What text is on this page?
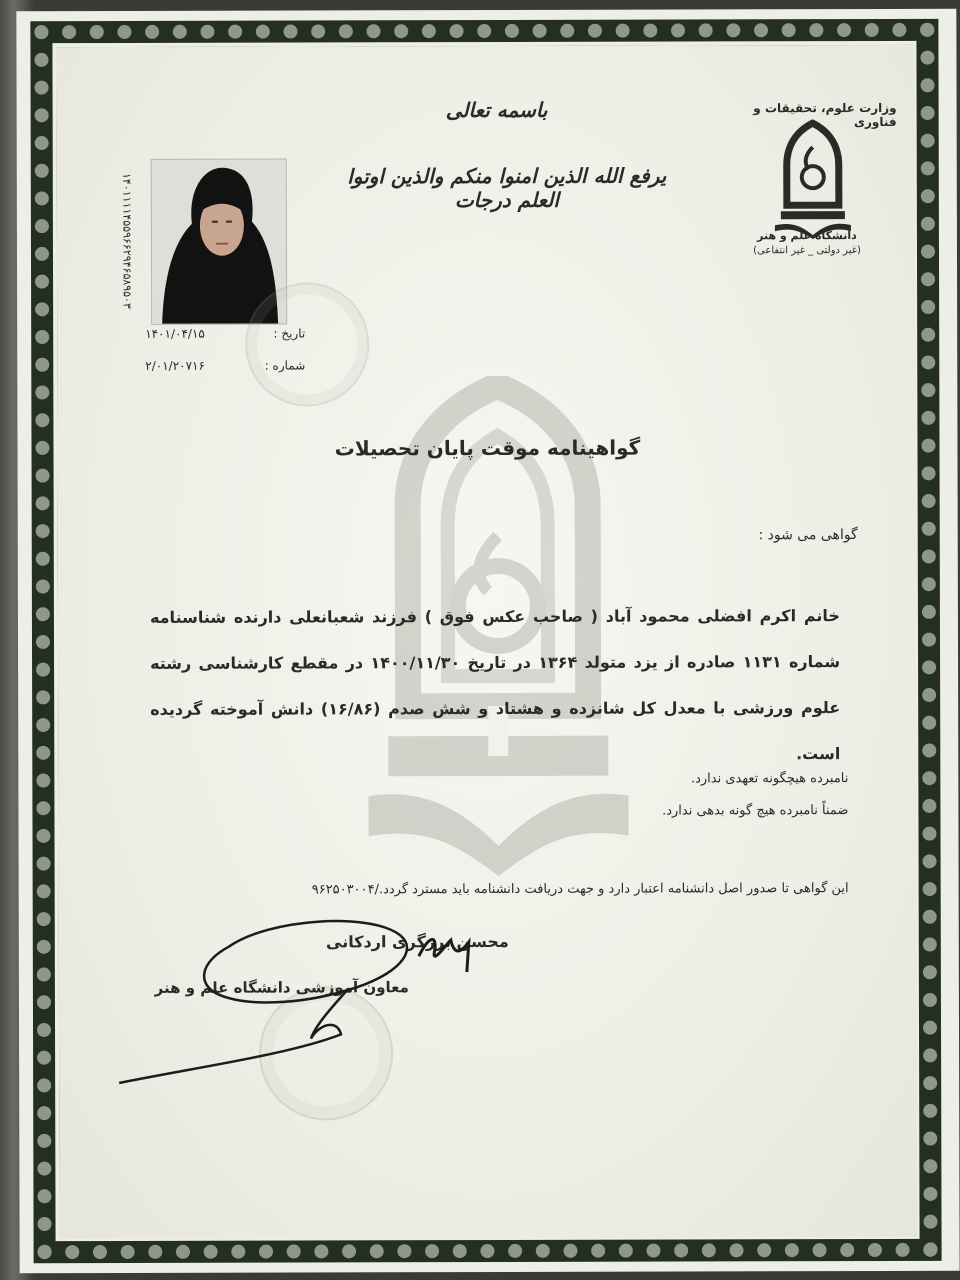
باسمه تعالی
یرفع الله الذین امنوا منکم والذین اوتوا العلم درجات
وزارت علوم، تحقیقات و فناوری
دانشگاه علم و هنر
(غیر دولتی _ غیر انتفاعی)
۱۴۰۱۱۱۱۴۵۵۹۶۶۲۹۴۶۵۸۹۵۰۳
تاریخ :
۱۴۰۱/۰۴/۱۵
شماره :
۲/۰۱/۲۰۷۱۶
گواهینامه موقت پایان تحصیلات
گواهی می شود :
خانم اکرم افضلی محمود آباد ( صاحب عکس فوق ) فرزند شعبانعلی دارنده شناسنامه شماره ۱۱۳۱ صادره از یزد متولد ۱۳۶۴ در تاریخ ۱۴۰۰/۱۱/۳۰ در مقطع کارشناسی رشته علوم ورزشی با معدل کل شانزده و هشتاد و شش صدم (۱۶/۸۶) دانش آموخته گردیده است.
نامبرده هیچگونه تعهدی ندارد.
ضمناً نامبرده هیچ گونه بدهی ندارد.
این گواهی تا صدور اصل دانشنامه اعتبار دارد و جهت دریافت دانشنامه باید مسترد گردد./۹۶۲۵۰۳۰۰۴
محسن برزگری اردکانی
معاون آموزشی دانشگاه علم و هنر
